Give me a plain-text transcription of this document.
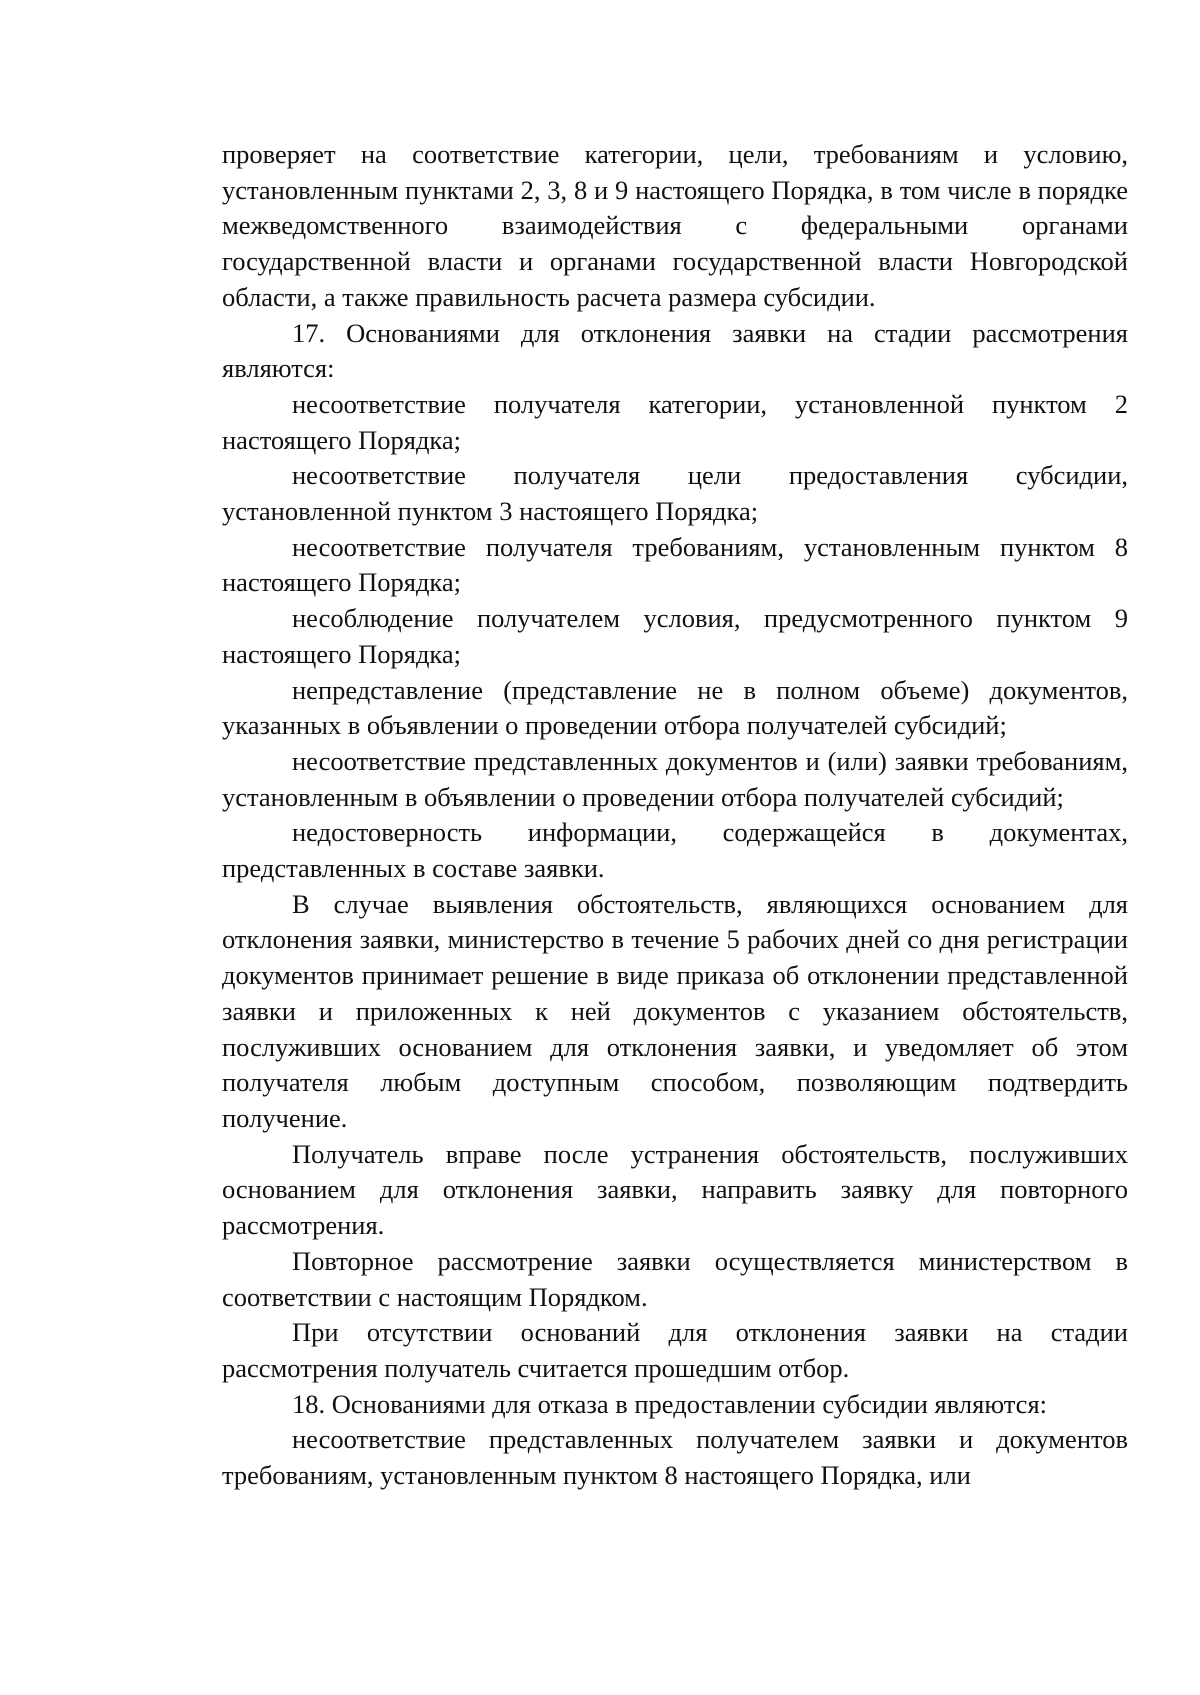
проверяет на соответствие категории, цели, требованиям и условию, установленным пунктами 2, 3, 8 и 9 настоящего Порядка, в том числе в порядке межведомственного взаимодействия с федеральными органами государственной власти и органами государственной власти Новгородской области, а также правильность расчета размера субсидии.

17. Основаниями для отклонения заявки на стадии рассмотрения являются:

несоответствие получателя категории, установленной пунктом 2 настоящего Порядка;

несоответствие получателя цели предоставления субсидии, установленной пунктом 3 настоящего Порядка;

несоответствие получателя требованиям, установленным пунктом 8 настоящего Порядка;

несоблюдение получателем условия, предусмотренного пунктом 9 настоящего Порядка;

непредставление (представление не в полном объеме) документов, указанных в объявлении о проведении отбора получателей субсидий;

несоответствие представленных документов и (или) заявки требованиям, установленным в объявлении о проведении отбора получателей субсидий;

недостоверность информации, содержащейся в документах, представленных в составе заявки.

В случае выявления обстоятельств, являющихся основанием для отклонения заявки, министерство в течение 5 рабочих дней со дня регистрации документов принимает решение в виде приказа об отклонении представленной заявки и приложенных к ней документов с указанием обстоятельств, послуживших основанием для отклонения заявки, и уведомляет об этом получателя любым доступным способом, позволяющим подтвердить получение.

Получатель вправе после устранения обстоятельств, послуживших основанием для отклонения заявки, направить заявку для повторного рассмотрения.

Повторное рассмотрение заявки осуществляется министерством в соответствии с настоящим Порядком.

При отсутствии оснований для отклонения заявки на стадии рассмотрения получатель считается прошедшим отбор.

18. Основаниями для отказа в предоставлении субсидии являются:

несоответствие представленных получателем заявки и документов требованиям, установленным пунктом 8 настоящего Порядка, или
